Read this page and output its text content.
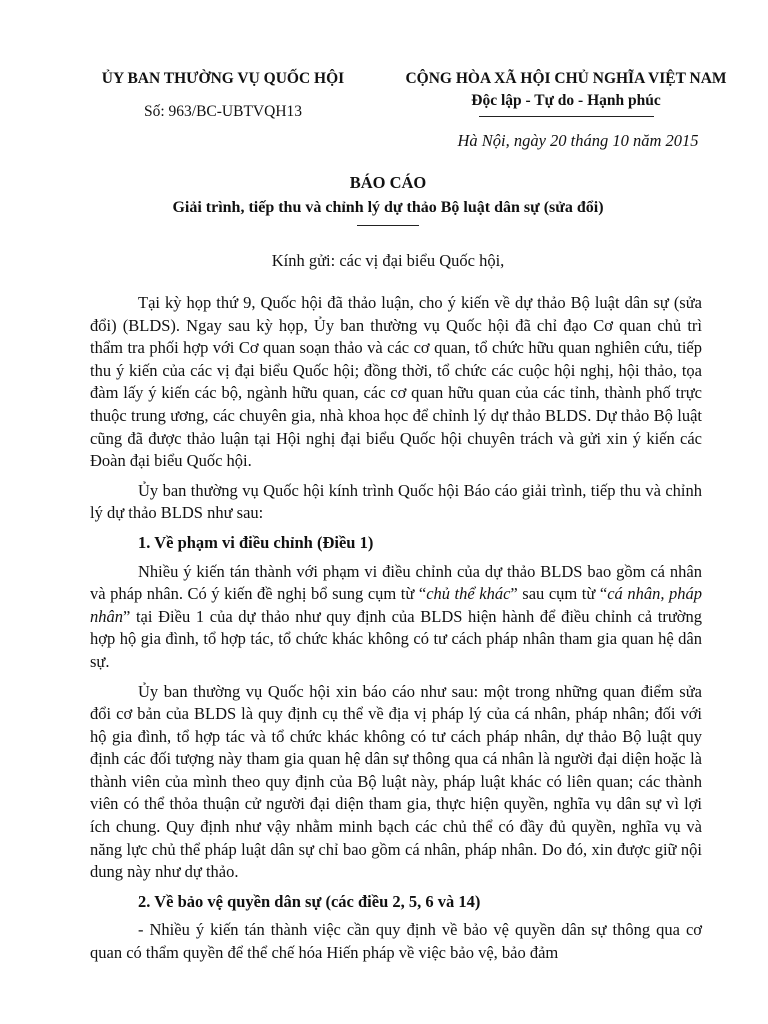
ỦY BAN THƯỜNG VỤ QUỐC HỘI
Số: 963/BC-UBTVQH13
CỘNG HÒA XÃ HỘI CHỦ NGHĨA VIỆT NAM
Độc lập - Tự do - Hạnh phúc
Hà Nội, ngày 20 tháng 10 năm 2015
BÁO CÁO
Giải trình, tiếp thu và chỉnh lý dự thảo Bộ luật dân sự (sửa đổi)
Kính gửi: các vị đại biểu Quốc hội,

Tại kỳ họp thứ 9, Quốc hội đã thảo luận, cho ý kiến về dự thảo Bộ luật dân sự (sửa đổi) (BLDS). Ngay sau kỳ họp, Ủy ban thường vụ Quốc hội đã chỉ đạo Cơ quan chủ trì thẩm tra phối hợp với Cơ quan soạn thảo và các cơ quan, tổ chức hữu quan nghiên cứu, tiếp thu ý kiến của các vị đại biểu Quốc hội; đồng thời, tổ chức các cuộc hội nghị, hội thảo, tọa đàm lấy ý kiến các bộ, ngành hữu quan, các cơ quan hữu quan của các tỉnh, thành phố trực thuộc trung ương, các chuyên gia, nhà khoa học để chỉnh lý dự thảo BLDS. Dự thảo Bộ luật cũng đã được thảo luận tại Hội nghị đại biểu Quốc hội chuyên trách và gửi xin ý kiến các Đoàn đại biểu Quốc hội.

Ủy ban thường vụ Quốc hội kính trình Quốc hội Báo cáo giải trình, tiếp thu và chỉnh lý dự thảo BLDS như sau:

1. Về phạm vi điều chỉnh (Điều 1)

Nhiều ý kiến tán thành với phạm vi điều chỉnh của dự thảo BLDS bao gồm cá nhân và pháp nhân. Có ý kiến đề nghị bổ sung cụm từ “chủ thể khác” sau cụm từ “cá nhân, pháp nhân” tại Điều 1 của dự thảo như quy định của BLDS hiện hành để điều chỉnh cả trường hợp hộ gia đình, tổ hợp tác, tổ chức khác không có tư cách pháp nhân tham gia quan hệ dân sự.

Ủy ban thường vụ Quốc hội xin báo cáo như sau: một trong những quan điểm sửa đổi cơ bản của BLDS là quy định cụ thể về địa vị pháp lý của cá nhân, pháp nhân; đối với hộ gia đình, tổ hợp tác và tổ chức khác không có tư cách pháp nhân, dự thảo Bộ luật quy định các đối tượng này tham gia quan hệ dân sự thông qua cá nhân là người đại diện hoặc là thành viên của mình theo quy định của Bộ luật này, pháp luật khác có liên quan; các thành viên có thể thỏa thuận cử người đại diện tham gia, thực hiện quyền, nghĩa vụ dân sự vì lợi ích chung. Quy định như vậy nhằm minh bạch các chủ thể có đầy đủ quyền, nghĩa vụ và năng lực chủ thể pháp luật dân sự chỉ bao gồm cá nhân, pháp nhân. Do đó, xin được giữ nội dung này như dự thảo.

2. Về bảo vệ quyền dân sự (các điều 2, 5, 6 và 14)

- Nhiều ý kiến tán thành việc cần quy định về bảo vệ quyền dân sự thông qua cơ quan có thẩm quyền để thể chế hóa Hiến pháp về việc bảo vệ, bảo đảm
